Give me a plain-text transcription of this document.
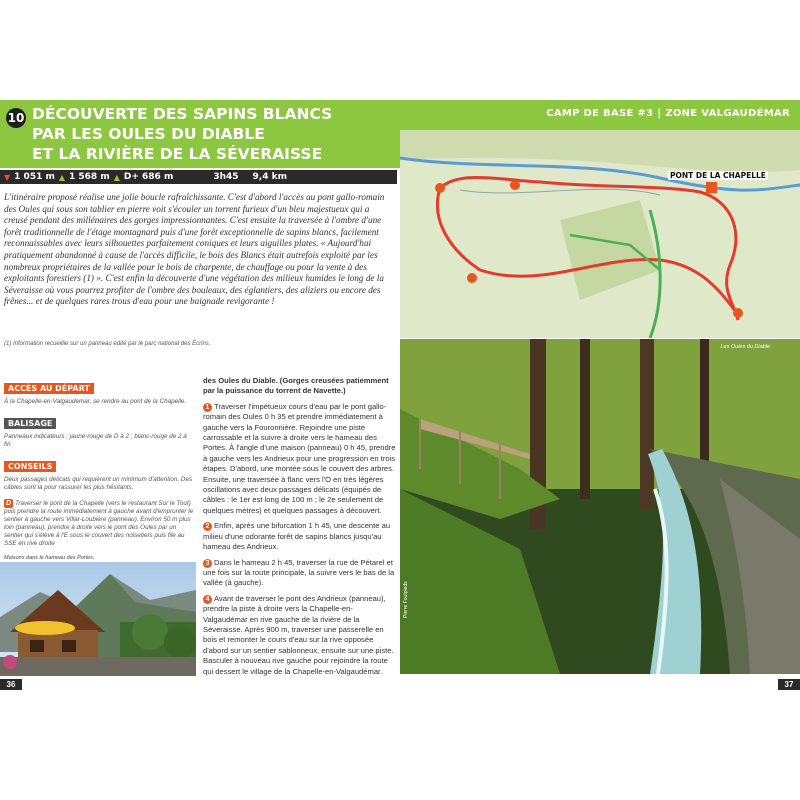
10 DÉCOUVERTE DES SAPINS BLANCS
PAR LES OULES DU DIABLE
ET LA RIVIÈRE DE LA SÉVERAISSE
CAMP DE BASE #3 | ZONE VALGAUDÉMAR
▼ 1 051 m ▲ 1 568 m ▲ D+ 686 m	3h45 9,4 km
L'itinéraire proposé réalise une jolie boucle rafraîchissante. C'est d'abord l'accès au pont gallo-romain des Oules qui sous son tablier en pierre voit s'écouler un torrent furieux d'un bleu majestueux qui a creusé pendant des millénaires des gorges impressionnantes. C'est ensuite la traversée à l'ombre d'une forêt traditionnelle de l'étage montagnard puis d'une forêt exceptionnelle de sapins blancs, facilement reconnaissables avec leurs silhouettes parfaitement coniques et leurs aiguilles plates. « Aujourd'hui pratiquement abandonné à cause de l'accès difficile, le bois des Blancs était autrefois exploité par les nombreux propriétaires de la vallée pour le bois de charpente, de chauffage ou pour la vente à des exploitants forestiers (1) ». C'est enfin la découverte d'une végétation des milieux humides le long de la Séveraisse où vous pourrez profiter de l'ombre des bouleaux, des églantiers, des aliziers ou encore des frênes... et de quelques rares trous d'eau pour une baignade revigorante !
(1) Information recueillie sur un panneau édité par le parc national des Écrins.
ACCÈS AU DÉPART

À la Chapelle-en-Valgaudemar, se rendre au pont de la Chapelle.

BALISAGE

Panneaux indicateurs ; jaune-rouge de D à 2 ; blanc-rouge de 2 à fin

CONSEILS

Deux passages délicats qui requièrent un minimum d'attention. Des câbles sont là pour rassurer les plus hésitants.

D Traverser le pont de la Chapelle (vers le restaurant Sur le Tout) puis prendre la route immédiatement à gauche avant d'emprunter le sentier à gauche vers Villar-Loubière (panneau). Environ 50 m plus loin (panneau), prendre à droite vers le pont des Oules par un sentier qui s'élève à l'E sous le couvert des noisetiers puis file au SSE en rive droite

Maisons dans le hameau des Portes.

des Oules du Diable. (Gorges creusées patiemment par la puissance du torrent de Navette.)

1 Traverser l'impétueux cours d'eau par le pont gallo-romain des Oules 0 h 35 et prendre immédiatement à gauche vers la Fouronnière. Rejoindre une piste carrossable et la suivre à droite vers le hameau des Portes. À l'angle d'une maison (panneau) 0 h 45, prendre à gauche vers les Andrieux pour une progression en trois étapes. D'abord, une montée sous le couvert des arbres. Ensuite, une traversée à flanc vers l'O en très légères oscillations avec deux passages délicats (équipés de câbles : le 1er est long de 100 m ; le 2e seulement de quelques mètres) et quelques passages à découvert.

2 Enfin, après une bifurcation 1 h 45, une descente au milieu d'une odorante forêt de sapins blancs jusqu'au hameau des Andrieux.

3 Dans le hameau 2 h 45, traverser la rue de Pétarel et une fois sur la route principale, la suivre vers le bas de la vallée (à gauche).

4 Avant de traverser le pont des Andrieux (panneau), prendre la piste à droite vers la Chapelle-en-Valgaudémar en rive gauche de la rivière de la Séveraisse. Après 900 m, traverser une passerelle en bois et remonter le cours d'eau sur la rive opposée d'abord sur un sentier sablonneux, ensuite sur une piste. Basculer à nouveau rive gauche pour rejoindre la route qui dessert le village de la Chapelle-en-Valgaudémar.

36
PONT DE LA CHAPELLE
Les Oules du Diable
Pierre Foutpieds
37
